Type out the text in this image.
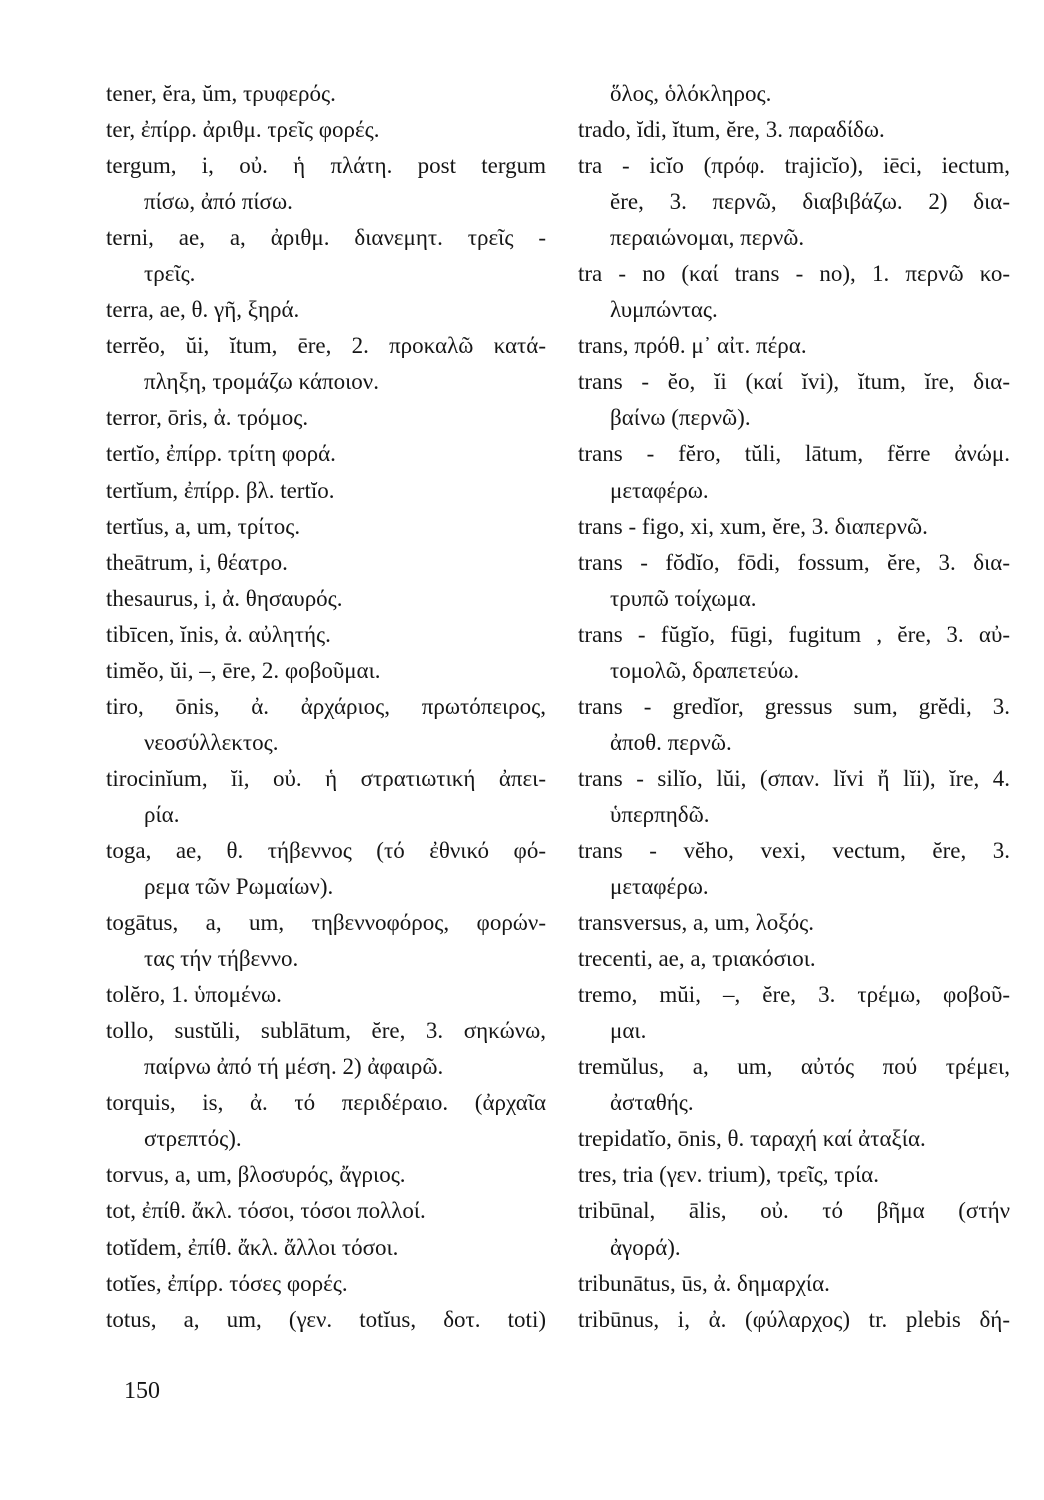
tener, ĕra, ŭm, τρυφερός.
ter, ἐπίρρ. ἀριθμ. τρεῖς φορές.
tergum, i, οὐ. ἡ πλάτη. post tergum
πίσω, ἀπό πίσω.
terni, ae, a, ἀριθμ. διανεμητ. τρεῖς -
τρεῖς.
terra, ae, θ. γῆ, ξηρά.
terrĕo, ŭi, ĭtum, ēre, 2. προκαλῶ κατά-
πληξη, τρομάζω κάποιον.
terror, ōris, ἀ. τρόμος.
tertĭo, ἐπίρρ. τρίτη φορά.
tertĭum, ἐπίρρ. βλ. tertĭo.
tertĭus, a, um, τρίτος.
theātrum, i, θέατρο.
thesaurus, i, ἀ. θησαυρός.
tibīcen, ĭnis, ἀ. αὐλητής.
timĕo, ŭi, –, ēre, 2. φοβοῦμαι.
tiro, ōnis, ἀ. ἀρχάριος, πρωτόπειρος,
νεοσύλλεκτος.
tirocinĭum, ĭi, οὐ. ἡ στρατιωτική ἀπει-
ρία.
toga, ae, θ. τήβεννος (τό ἐθνικό φό-
ρεμα τῶν Ρωμαίων).
togātus, a, um, τηβεννοφόρος, φορών-
τας τήν τήβεννο.
tolĕro, 1. ὑπομένω.
tollo, sustŭli, sublātum, ĕre, 3. σηκώνω,
παίρνω ἀπό τή μέση. 2) ἀφαιρῶ.
torquis, is, ἀ. τό περιδέραιο. (ἀρχαῖα
στρεπτός).
torvus, a, um, βλοσυρός, ἄγριος.
tot, ἐπίθ. ἄκλ. τόσοι, τόσοι πολλοί.
totĭdem, ἐπίθ. ἄκλ. ἄλλοι τόσοι.
totĭes, ἐπίρρ. τόσες φορές.
totus, a, um, (γεν. totĭus, δοτ. toti)
ὅλος, ὁλόκληρος.
trado, ĭdi, ĭtum, ĕre, 3. παραδίδω.
tra - icĭo (πρόφ. trajicĭo), iēci, iectum,
ĕre, 3. περνῶ, διαβιβάζω. 2) δια-
περαιώνομαι, περνῶ.
tra - no (καί trans - no), 1. περνῶ κο-
λυμπώντας.
trans, πρόθ. μ᾽ αἰτ. πέρα.
trans - ĕo, ĭi (καί ĭvi), ĭtum, ĭre, δια-
βαίνω (περνῶ).
trans - fĕro, tŭli, lātum, fĕrre ἀνώμ.
μεταφέρω.
trans - figo, xi, xum, ĕre, 3. διαπερνῶ.
trans - fŏdĭo, fōdi, fossum, ĕre, 3. δια-
τρυπῶ τοίχωμα.
trans - fŭgĭo, fūgi, fugitum , ĕre, 3. αὐ-
τομολῶ, δραπετεύω.
trans - gredĭor, gressus sum, grĕdi, 3.
ἀποθ. περνῶ.
trans - silĭo, lŭi, (σπαν. lĭvi ἤ lĭi), ĭre, 4.
ὑπερπηδῶ.
trans - vĕho, vexi, vectum, ĕre, 3.
μεταφέρω.
transversus, a, um, λοξός.
trecenti, ae, a, τριακόσιοι.
tremo, mŭi, –, ĕre, 3. τρέμω, φοβοῦ-
μαι.
tremŭlus, a, um, αὐτός πού τρέμει,
ἀσταθής.
trepidatĭo, ōnis, θ. ταραχή καί ἀταξία.
tres, tria (γεν. trium), τρεῖς, τρία.
tribūnal, ālis, οὐ. τό βῆμα (στήν
ἀγορά).
tribunātus, ūs, ἀ. δημαρχία.
tribūnus, i, ἀ. (φύλαρχος) tr. plebis δή-
150
